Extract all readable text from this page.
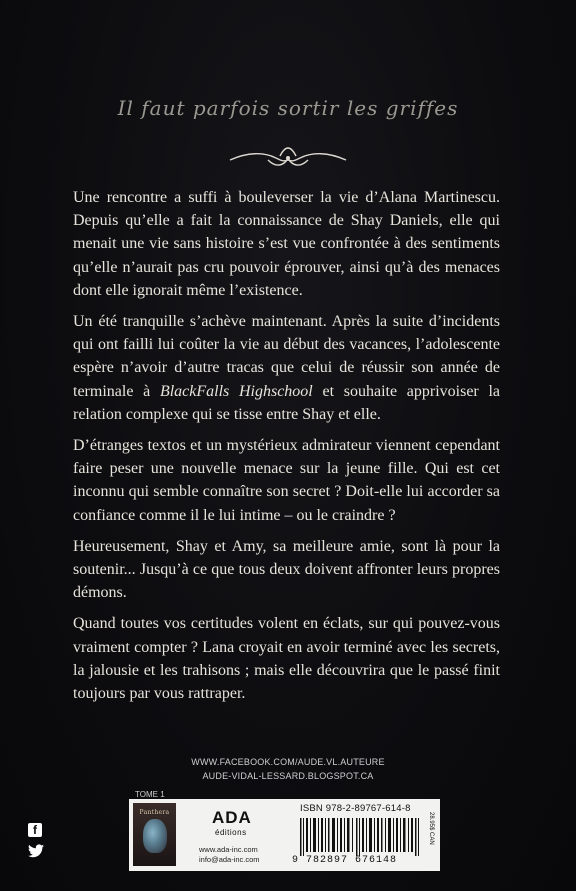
Il faut parfois sortir les griffes

Une rencontre a suffi à bouleverser la vie d’Alana Martinescu. Depuis qu’elle a fait la connaissance de Shay Daniels, elle qui menait une vie sans histoire s’est vue confrontée à des sentiments qu’elle n’aurait pas cru pouvoir éprouver, ainsi qu’à des menaces dont elle ignorait même l’existence.

Un été tranquille s’achève maintenant. Après la suite d’incidents qui ont failli lui coûter la vie au début des vacances, l’adolescente espère n’avoir d’autre tracas que celui de réussir son année de terminale à BlackFalls Highschool et souhaite apprivoiser la relation complexe qui se tisse entre Shay et elle.

D’étranges textos et un mystérieux admirateur viennent cependant faire peser une nouvelle menace sur la jeune fille. Qui est cet inconnu qui semble connaître son secret ? Doit-elle lui accorder sa confiance comme il le lui intime – ou le craindre ?

Heureusement, Shay et Amy, sa meilleure amie, sont là pour la soutenir... Jusqu’à ce que tous deux doivent affronter leurs propres démons.

Quand toutes vos certitudes volent en éclats, sur qui pouvez-vous vraiment compter ? Lana croyait en avoir terminé avec les secrets, la jalousie et les trahisons ; mais elle découvrira que le passé finit toujours par vous rattraper.

WWW.FACEBOOK.COM/AUDE.VL.AUTEURE
AUDE-VIDAL-LESSARD.BLOGSPOT.CA
TOME 1
Panthera	ADA
éditions
www.ada-inc.com
info@ada-inc.com
ISBN 978-2-89767-614-8
9 782897 676148
28.95$ CAN
f
